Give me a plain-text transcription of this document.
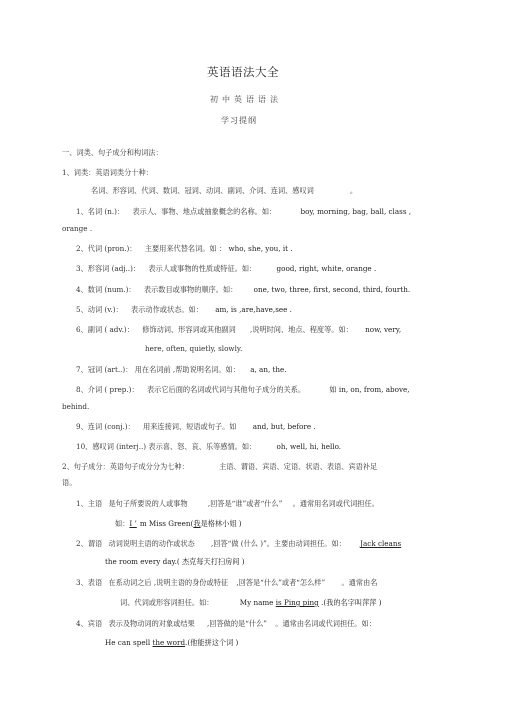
英语语法大全
初中英语语法
学习提纲
一、词类、句子成分和构词法：
1、词类：英语词类分十种：
名词、形容词、代词、数词、冠词、动词、副词、介词、连词、感叹词	。
1、名词 (n.)： 表示人、事物、地点或抽象概念的名称。如：	boy, morning, bag, ball, class ,
orange .
2、代词 (pron.)： 主要用来代替名词。如 ： who, she, you, it .
3、形容词 (adj..)： 表示人或事物的性质或特征。如：	good, right, white, orange .
4、数词 (num.)： 表示数目或事物的顺序。如： one, two, three, first, second, third, fourth.
5、动词 (v.)： 表示动作或状态。如： am, is ,are,have,see .
6、副词 ( adv.)： 修饰动词、形容词或其他副词 ,说明时间、地点、程度等。如： now, very,
here, often, quietly, slowly.
7、冠词 (art..)： 用在名词前 ,帮助说明名词。如： a, an, the.
8、介词 ( prep.)： 表示它后面的名词或代词与其他句子成分的关系。	如 in, on, from, above,
behind.
9、连词 (conj.)： 用来连接词、短语或句子。如 and, but, before .
10、感叹词 (interj..) 表示喜、怒、哀、乐等感情。如：	oh, well, hi, hello.
2、句子成分：英语句子成分分为七种：	主语、谓语、宾语、定语、状语、表语、宾语补足
语。
1、主语 是句子所要说的人或事物	,回答是“谁”或者“什么” 。通常用名词或代词担任。
如：I ’ m Miss Green(我是格林小姐 )
2、谓语 动词说明主语的动作或状态 ,回答“做 (什么 )”。主要由动词担任。如： Jack cleans
the room every day.( 杰克每天打扫房间 )
3、表语 在系动词之后 ,说明主语的身份或特征 ,回答是“什么”或者“怎么样” 。通常由名
词、代词或形容词担任。如：	My name is Ping ping .(我的名字叫萍萍 )
4、宾语 表示及物动词的对象或结果 ,回答做的是“什么” 。通常由名词或代词担任。如：
He can spell the word.(他能拼这个词 )
